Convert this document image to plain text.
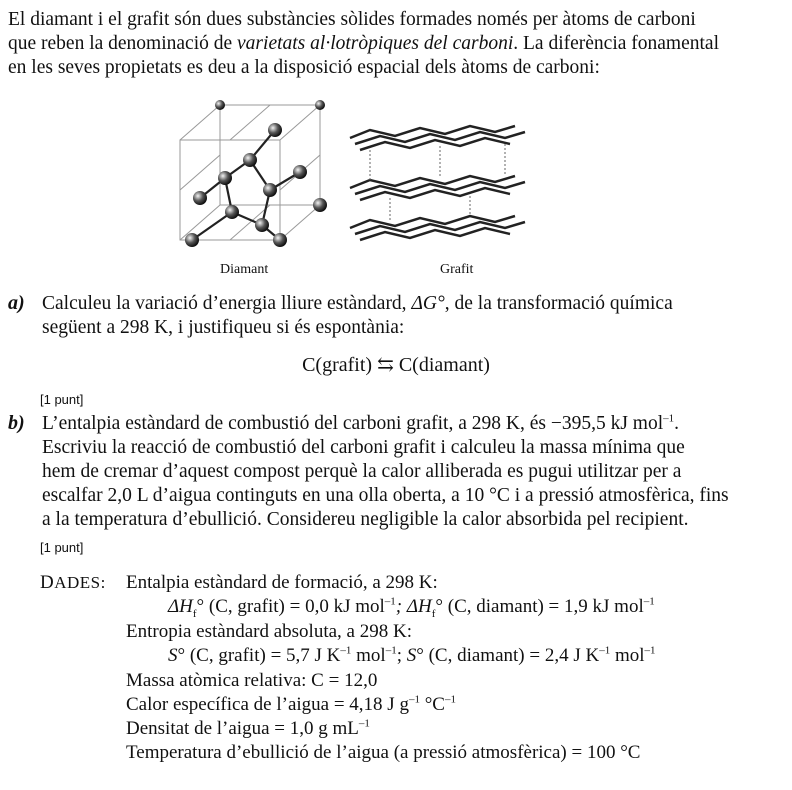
El diamant i el grafit són dues substàncies sòlides formades només per àtoms de carboni
que reben la denominació de varietats al·lotròpiques del carboni. La diferència fonamental
en les seves propietats es deu a la disposició espacial dels àtoms de carboni:
Diamant	Grafit
a) Calculeu la variació d’energia lliure estàndard, ΔG°, de la transformació química
següent a 298 K, i justifiqueu si és espontània:
C(grafit) ⇆ C(diamant)
[1 punt]
b) L’entalpia estàndard de combustió del carboni grafit, a 298 K, és −395,5 kJ mol$^{-1}$.
Escriviu la reacció de combustió del carboni grafit i calculeu la massa mínima que
hem de cremar d’aquest compost perquè la calor alliberada es pugui utilitzar per a
escalfar 2,0 L d’aigua continguts en una olla oberta, a 10 °C i a pressió atmosfèrica, fins
a la temperatura d’ebullició. Considereu negligible la calor absorbida pel recipient.
[1 punt]
DADES: Entalpia estàndard de formació, a 298 K:
$\Delta H_f^\circ$ (C, grafit) = 0,0 kJ mol$^{-1}$; $\Delta H_f^\circ$ (C, diamant) = 1,9 kJ mol$^{-1}$
Entropia estàndard absoluta, a 298 K:
S° (C, grafit) = 5,7 J $K^{-1}$ mol$^{-1}$; S° (C, diamant) = 2,4 J $K^{-1}$ mol$^{-1}$
Massa atòmica relativa: C = 12,0
Calor específica de l’aigua = 4,18 J $g^{-1}$ $^\circ C^{-1}$
Densitat de l’aigua = 1,0 g $mL^{-1}$
Temperatura d’ebullició de l’aigua (a pressió atmosfèrica) = 100 °C
